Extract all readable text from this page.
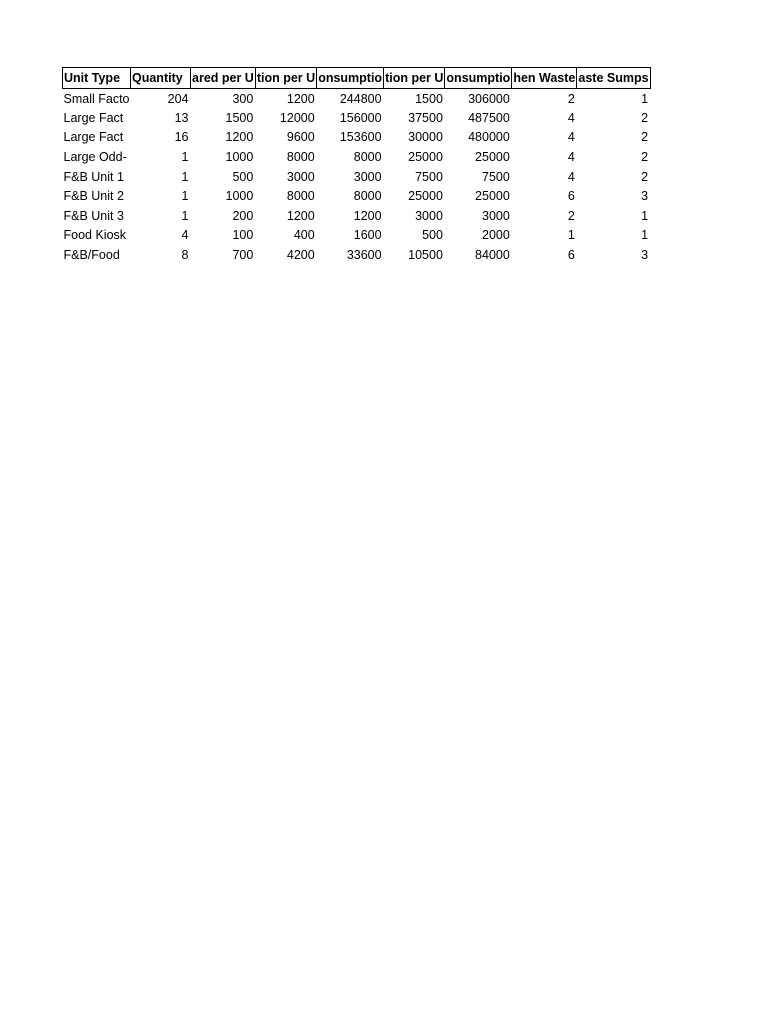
Unit Type	Quantity	ared per U	tion per U	onsumptio	tion per U	onsumptio	hen Waste	aste Sumps
Small Facto	204	300	1200	244800	1500	306000	2	1
Large Fact	13	1500	12000	156000	37500	487500	4	2
Large Fact	16	1200	9600	153600	30000	480000	4	2
Large Odd-	1	1000	8000	8000	25000	25000	4	2
F&B Unit 1	1	500	3000	3000	7500	7500	4	2
F&B Unit 2	1	1000	8000	8000	25000	25000	6	3
F&B Unit 3	1	200	1200	1200	3000	3000	2	1
Food Kiosk	4	100	400	1600	500	2000	1	1
F&B/Food	8	700	4200	33600	10500	84000	6	3
